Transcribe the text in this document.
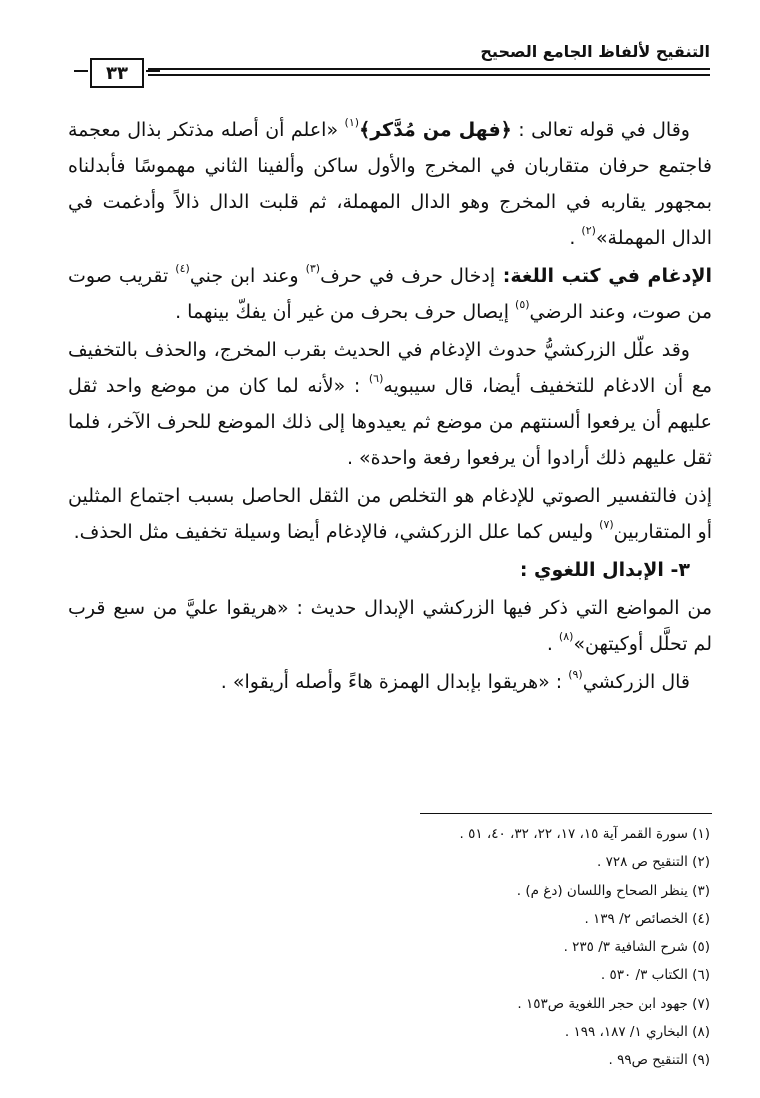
التنقيح لألفاظ الجامع الصحيح
٣٣

وقال في قوله تعالى : ﴿فهل من مُدَّكر﴾$^{(١)}$ «اعلم أن أصله مذتكر بذال معجمة فاجتمع حرفان متقاربان في المخرج والأول ساكن وألفينا الثاني مهموسًا فأبدلناه بمجهور يقاربه في المخرج وهو الدال المهملة، ثم قلبت الدال ذالاً وأدغمت في الدال المهملة»$^{(٢)}$ .

الإدغام في كتب اللغة: إدخال حرف في حرف$^{(٣)}$ وعند ابن جني$^{(٤)}$ تقريب صوت من صوت، وعند الرضي$^{(٥)}$ إيصال حرف بحرف من غير أن يفكّ بينهما .

وقد علّل الزركشيُّ حدوث الإدغام في الحديث بقرب المخرج، والحذف بالتخفيف مع أن الادغام للتخفيف أيضا، قال سيبويه$^{(٦)}$ : «لأنه لما كان من موضع واحد ثقل عليهم أن يرفعوا ألسنتهم من موضع ثم يعيدوها إلى ذلك الموضع للحرف الآخر، فلما ثقل عليهم ذلك أرادوا أن يرفعوا رفعة واحدة» .

إذن فالتفسير الصوتي للإدغام هو التخلص من الثقل الحاصل بسبب اجتماع المثلين أو المتقاربين$^{(٧)}$ وليس كما علل الزركشي، فالإدغام أيضا وسيلة تخفيف مثل الحذف.

٣- الإبدال اللغوي :

من المواضع التي ذكر فيها الزركشي الإبدال حديث : «هريقوا عليَّ من سبع قرب لم تحلَّل أوكيتهن»$^{(٨)}$ .

قال الزركشي$^{(٩)}$ : «هريقوا بإبدال الهمزة هاءً وأصله أريقوا» .

(١) سورة القمر آية ١٥، ١٧، ٢٢، ٣٢، ٤٠، ٥١ .
(٢) التنقيح ص ٧٢٨ .
(٣) ينظر الصحاح واللسان (دغ م) .
(٤) الخصائص ٢/ ١٣٩ .
(٥) شرح الشافية ٣/ ٢٣٥ .
(٦) الكتاب ٣/ ٥٣٠ .
(٧) جهود ابن حجر اللغوية ص١٥٣ .
(٨) البخاري ١/ ١٨٧، ١٩٩ .
(٩) التنقيح ص٩٩ .
